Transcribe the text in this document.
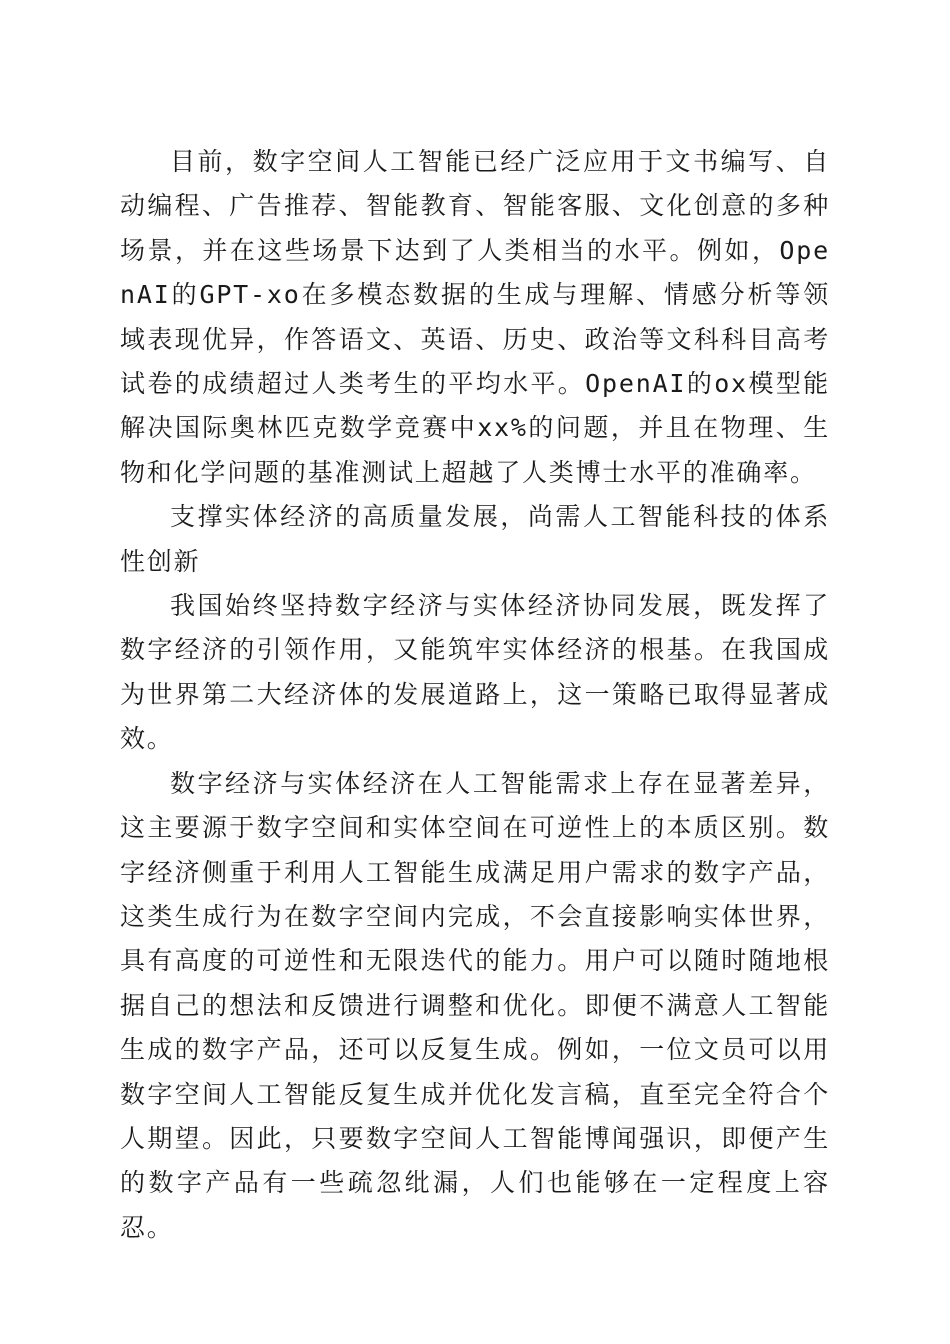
目前，数字空间人工智能已经广泛应用于文书编写、自动编程、广告推荐、智能教育、智能客服、文化创意的多种场景，并在这些场景下达到了人类相当的水平。例如，OpenAI的GPT-xo在多模态数据的生成与理解、情感分析等领域表现优异，作答语文、英语、历史、政治等文科科目高考试卷的成绩超过人类考生的平均水平。OpenAI的ox模型能解决国际奥林匹克数学竞赛中xx%的问题，并且在物理、生物和化学问题的基准测试上超越了人类博士水平的准确率。

支撑实体经济的高质量发展，尚需人工智能科技的体系性创新

我国始终坚持数字经济与实体经济协同发展，既发挥了数字经济的引领作用，又能筑牢实体经济的根基。在我国成为世界第二大经济体的发展道路上，这一策略已取得显著成效。

数字经济与实体经济在人工智能需求上存在显著差异，这主要源于数字空间和实体空间在可逆性上的本质区别。数字经济侧重于利用人工智能生成满足用户需求的数字产品，这类生成行为在数字空间内完成，不会直接影响实体世界，具有高度的可逆性和无限迭代的能力。用户可以随时随地根据自己的想法和反馈进行调整和优化。即便不满意人工智能生成的数字产品，还可以反复生成。例如，一位文员可以用数字空间人工智能反复生成并优化发言稿，直至完全符合个人期望。因此，只要数字空间人工智能博闻强识，即便产生的数字产品有一些疏忽纰漏，人们也能够在一定程度上容忍。
